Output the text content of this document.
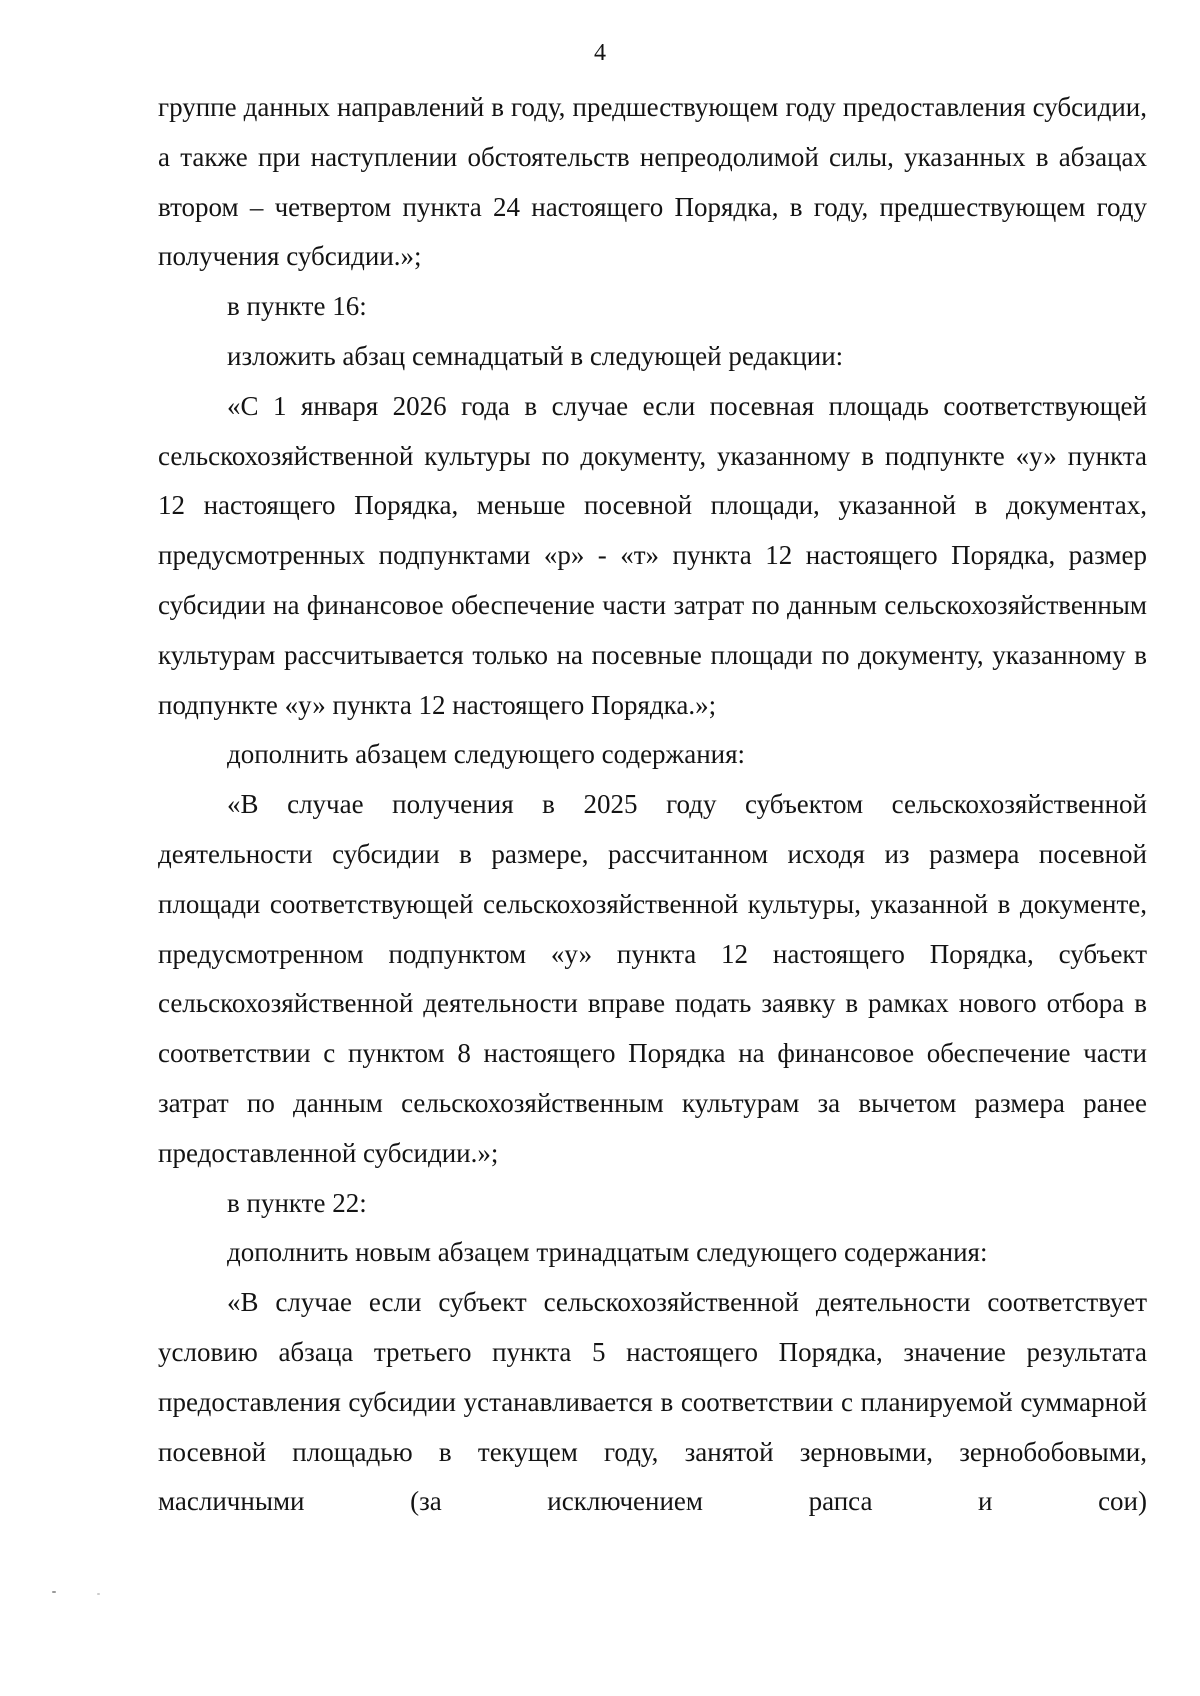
4

группе данных направлений в году, предшествующем году предоставления субсидии, а также при наступлении обстоятельств непреодолимой силы, указанных в абзацах втором – четвертом пункта 24 настоящего Порядка, в году, предшествующем году получения субсидии.»;

в пункте 16:

изложить абзац семнадцатый в следующей редакции:

«С 1 января 2026 года в случае если посевная площадь соответствующей сельскохозяйственной культуры по документу, указанному в подпункте «у» пункта 12 настоящего Порядка, меньше посевной площади, указанной в документах, предусмотренных подпунктами «р» - «т» пункта 12 настоящего Порядка, размер субсидии на финансовое обеспечение части затрат по данным сельскохозяйственным культурам рассчитывается только на посевные площади по документу, указанному в подпункте «у» пункта 12 настоящего Порядка.»;

дополнить абзацем следующего содержания:

«В случае получения в 2025 году субъектом сельскохозяйственной деятельности субсидии в размере, рассчитанном исходя из размера посевной площади соответствующей сельскохозяйственной культуры, указанной в документе, предусмотренном подпунктом «у» пункта 12 настоящего Порядка, субъект сельскохозяйственной деятельности вправе подать заявку в рамках нового отбора в соответствии с пунктом 8 настоящего Порядка на финансовое обеспечение части затрат по данным сельскохозяйственным культурам за вычетом размера ранее предоставленной субсидии.»;

в пункте 22:

дополнить новым абзацем тринадцатым следующего содержания:

«В случае если субъект сельскохозяйственной деятельности соответствует условию абзаца третьего пункта 5 настоящего Порядка, значение результата предоставления субсидии устанавливается в соответствии с планируемой суммарной посевной площадью в текущем году, занятой зерновыми, зернобобовыми, масличными (за исключением рапса и сои)
